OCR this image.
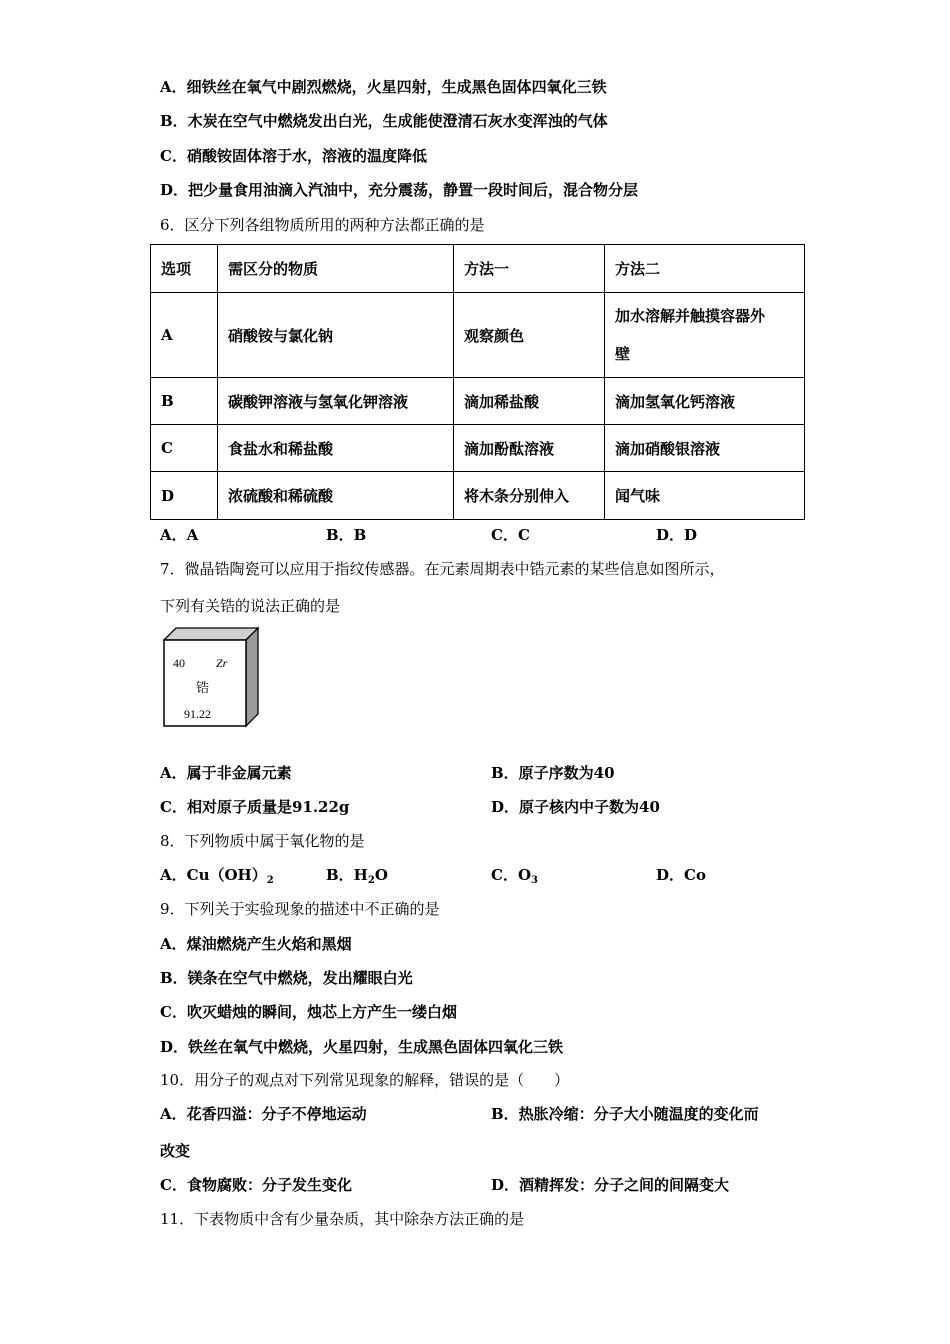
A．细铁丝在氧气中剧烈燃烧，火星四射，生成黑色固体四氧化三铁
B．木炭在空气中燃烧发出白光，生成能使澄清石灰水变浑浊的气体
C．硝酸铵固体溶于水，溶液的温度降低
D．把少量食用油滴入汽油中，充分震荡，静置一段时间后，混合物分层
6．区分下列各组物质所用的两种方法都正确的是
选项	需区分的物质	方法一	方法二
A	硝酸铵与氯化钠	观察颜色	加水溶解并触摸容器外
壁

B	碳酸钾溶液与氢氧化钾溶液	滴加稀盐酸	滴加氢氧化钙溶液
C	食盐水和稀盐酸	滴加酚酞溶液	滴加硝酸银溶液
D	浓硫酸和稀硫酸	将木条分别伸入	闻气味
A．A	B．B	C．C	D．D
7．微晶锆陶瓷可以应用于指纹传感器。在元素周期表中锆元素的某些信息如图所示，
下列有关锆的说法正确的是
40	Zr
锆
91.22
A．属于非金属元素	B．原子序数为40
C．相对原子质量是91.22g	D．原子核内中子数为40
8．下列物质中属于氧化物的是
A．$Cu(OH)_2$	B．$H_2O$	C．$O_3$	D．Co
9．下列关于实验现象的描述中不正确的是
A．煤油燃烧产生火焰和黑烟
B．镁条在空气中燃烧，发出耀眼白光
C．吹灭蜡烛的瞬间，烛芯上方产生一缕白烟
D．铁丝在氧气中燃烧，火星四射，生成黑色固体四氧化三铁
10．用分子的观点对下列常见现象的解释，错误的是（　　）
A．花香四溢：分子不停地运动	B．热胀冷缩：分子大小随温度的变化而
改变
C．食物腐败：分子发生变化	D．酒精挥发：分子之间的间隔变大
11．下表物质中含有少量杂质，其中除杂方法正确的是
